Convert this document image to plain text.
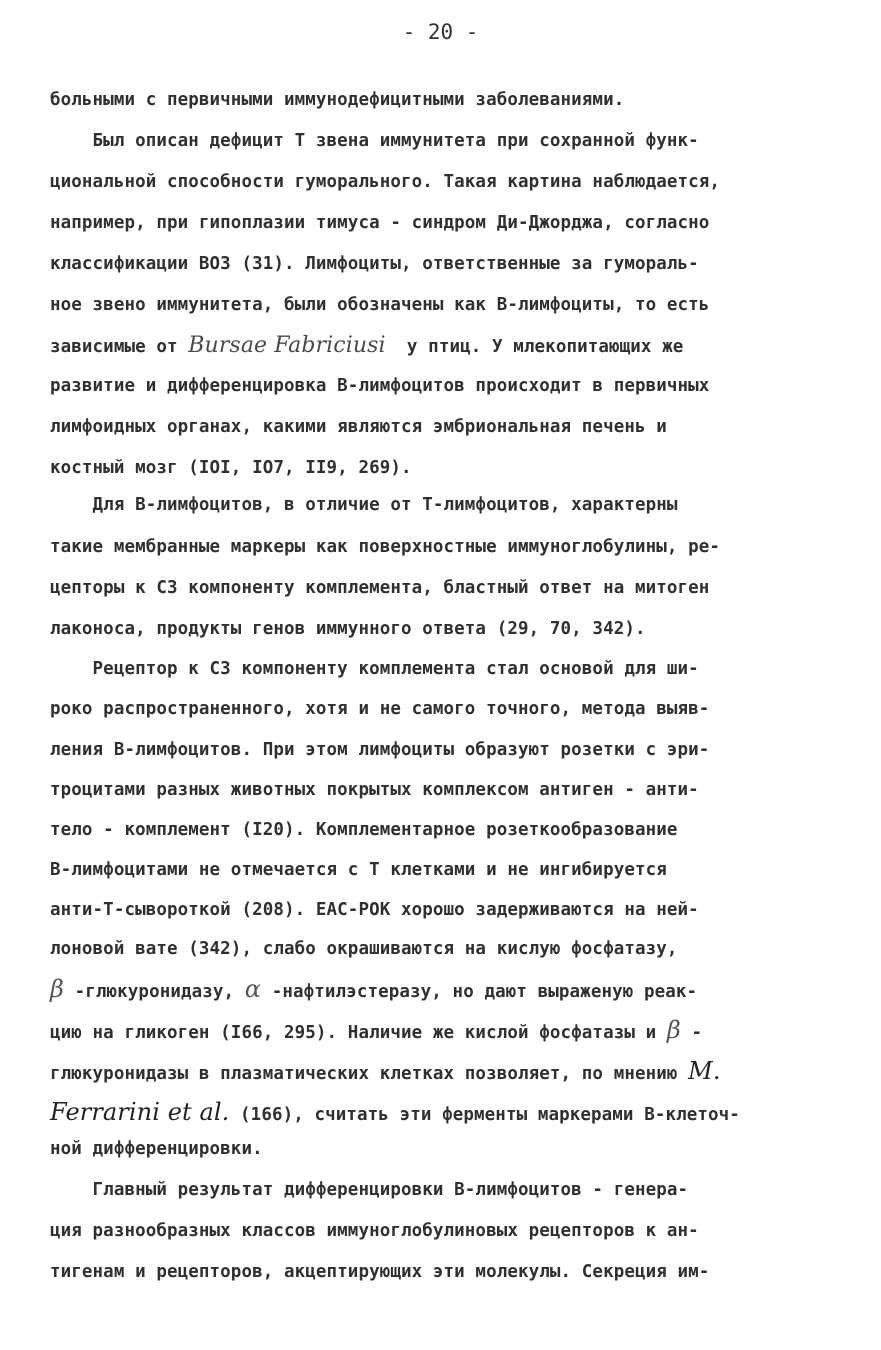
- 20 -
больными с первичными иммунодефицитными заболеваниями.
Был описан дефицит Т звена иммунитета при сохранной функ-
циональной способности гуморального. Такая картина наблюдается,
например, при гипоплазии тимуса - синдром Ди-Джорджа, согласно
классификации ВОЗ (31). Лимфоциты, ответственные за гумораль-
ное звено иммунитета, были обозначены как В-лимфоциты, то есть
зависимые от Bursae Fabriciusi  у птиц. У млекопитающих же
развитие и дифференцировка В-лимфоцитов происходит в первичных
лимфоидных органах, какими являются эмбриональная печень и
костный мозг (IOI, IO7, II9, 269).
Для В-лимфоцитов, в отличие от Т-лимфоцитов, характерны
такие мембранные маркеры как поверхностные иммуноглобулины, ре-
цепторы к С3 компоненту комплемента, бластный ответ на митоген
лаконоса, продукты генов иммунного ответа (29, 70, 342).
Рецептор к С3 компоненту комплемента стал основой для ши-
роко распространенного, хотя и не самого точного, метода выяв-
ления В-лимфоцитов. При этом лимфоциты образуют розетки с эри-
троцитами разных животных покрытых комплексом антиген - анти-
тело - комплемент (I20). Комплементарное розеткообразование
В-лимфоцитами не отмечается с Т клетками и не ингибируется
анти-Т-сывороткой (208). ЕАС-РОК хорошо задерживаются на ней-
лоновой вате (342), слабо окрашиваются на кислую фосфатазу,
β -глюкуронидазу, α -нафтилэстеразу, но дают выраженую реак-
цию на гликоген (I66, 295). Наличие же кислой фосфатазы и β -
глюкуронидазы в плазматических клетках позволяет, по мнению M.
Ferrarini et al. (166), считать эти ферменты маркерами В-клеточ-
ной дифференцировки.
Главный результат дифференцировки В-лимфоцитов - генера-
ция разнообразных классов иммуноглобулиновых рецепторов к ан-
тигенам и рецепторов, акцептирующих эти молекулы. Секреция им-
